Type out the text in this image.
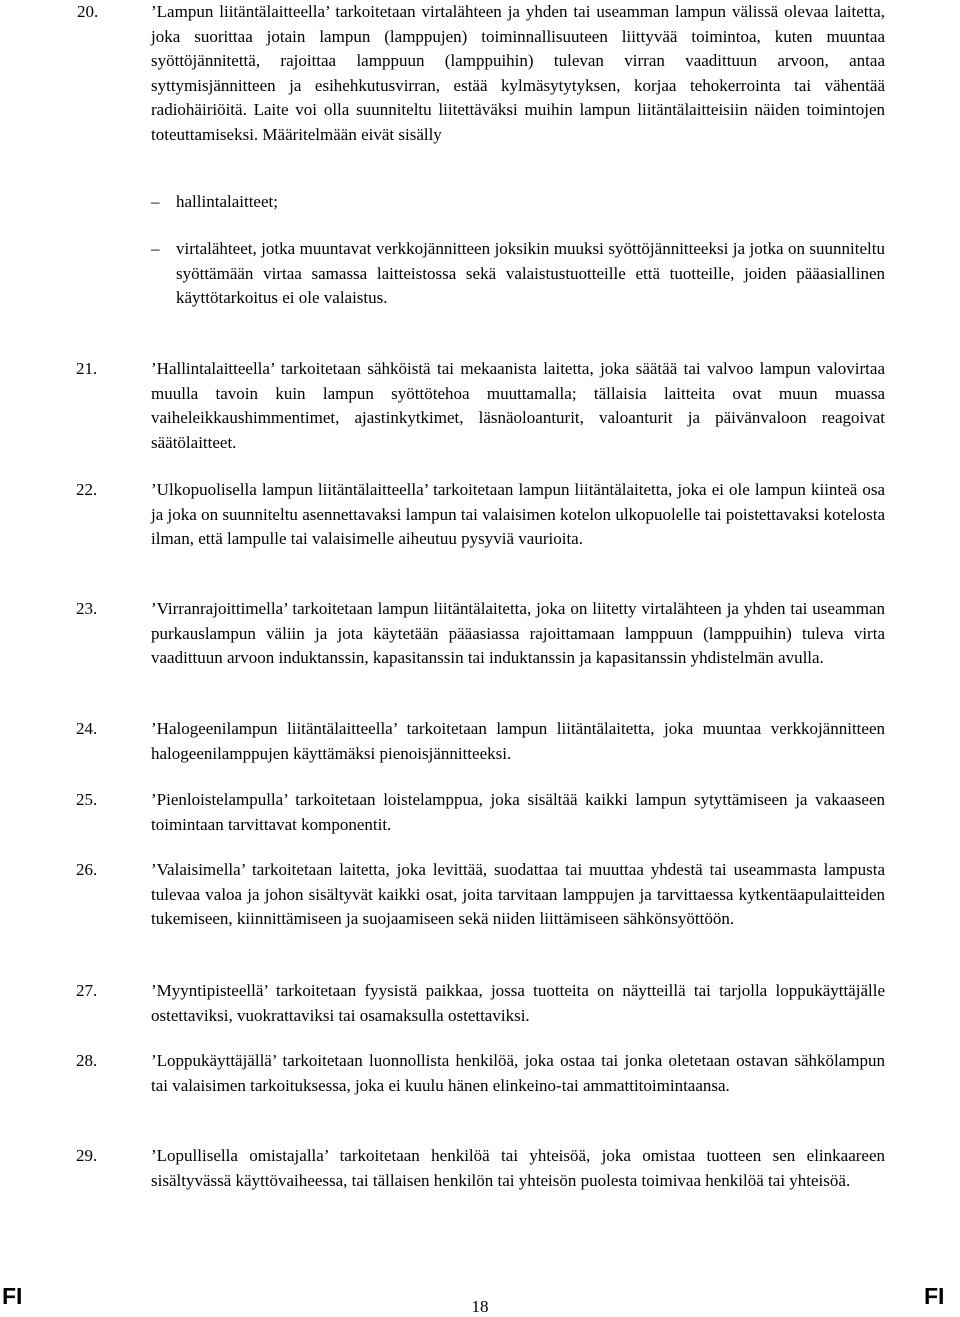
20.	’Lampun liitäntälaitteella’ tarkoitetaan virtalähteen ja yhden tai useamman lampun välissä olevaa laitetta, joka suorittaa jotain lampun (lamppujen) toiminnallisuuteen liittyvää toimintoa, kuten muuntaa syöttöjännitettä, rajoittaa lamppuun (lamppuihin) tulevan virran vaadittuun arvoon, antaa syttymisjännitteen ja esihehkutusvirran, estää kylmäsytytyksen, korjaa tehokerrointa tai vähentää radiohäiriöitä. Laite voi olla suunniteltu liitettäväksi muihin lampun liitäntälaitteisiin näiden toimintojen toteuttamiseksi. Määritelmään eivät sisälly
– hallintalaitteet;
– virtalähteet, jotka muuntavat verkkojännitteen joksikin muuksi syöttöjännitteeksi ja jotka on suunniteltu syöttämään virtaa samassa laitteistossa sekä valaistustuotteille että tuotteille, joiden pääasiallinen käyttötarkoitus ei ole valaistus.
21.	’Hallintalaitteella’ tarkoitetaan sähköistä tai mekaanista laitetta, joka säätää tai valvoo lampun valovirtaa muulla tavoin kuin lampun syöttötehoa muuttamalla; tällaisia laitteita ovat muun muassa vaiheleikkaushimmentimet, ajastinkytkimet, läsnäoloanturit, valoanturit ja päivänvaloon reagoivat säätölaitteet.
22.	’Ulkopuolisella lampun liitäntälaitteella’ tarkoitetaan lampun liitäntälaitetta, joka ei ole lampun kiinteä osa ja joka on suunniteltu asennettavaksi lampun tai valaisimen kotelon ulkopuolelle tai poistettavaksi kotelosta ilman, että lampulle tai valaisimelle aiheutuu pysyviä vaurioita.
23.	’Virranrajoittimella’ tarkoitetaan lampun liitäntälaitetta, joka on liitetty virtalähteen ja yhden tai useamman purkauslampun väliin ja jota käytetään pääasiassa rajoittamaan lamppuun (lamppuihin) tuleva virta vaadittuun arvoon induktanssin, kapasitanssin tai induktanssin ja kapasitanssin yhdistelmän avulla.
24.	’Halogeenilampun liitäntälaitteella’ tarkoitetaan lampun liitäntälaitetta, joka muuntaa verkkojännitteen halogeenilamppujen käyttämäksi pienoisjännitteeksi.
25.	’Pienloistelampulla’ tarkoitetaan loistelamppua, joka sisältää kaikki lampun sytyttämiseen ja vakaaseen toimintaan tarvittavat komponentit.
26.	’Valaisimella’ tarkoitetaan laitetta, joka levittää, suodattaa tai muuttaa yhdestä tai useammasta lampusta tulevaa valoa ja johon sisältyvät kaikki osat, joita tarvitaan lamppujen ja tarvittaessa kytkentäapulaitteiden tukemiseen, kiinnittämiseen ja suojaamiseen sekä niiden liittämiseen sähkönsyöttöön.
27.	’Myyntipisteellä’ tarkoitetaan fyysistä paikkaa, jossa tuotteita on näytteillä tai tarjolla loppukäyttäjälle ostettaviksi, vuokrattaviksi tai osamaksulla ostettaviksi.
28.	’Loppukäyttäjällä’ tarkoitetaan luonnollista henkilöä, joka ostaa tai jonka oletetaan ostavan sähkölampun tai valaisimen tarkoituksessa, joka ei kuulu hänen elinkeino-tai ammattitoimintaansa.
29.	’Lopullisella omistajalla’ tarkoitetaan henkilöä tai yhteisöä, joka omistaa tuotteen sen elinkaareen sisältyvässä käyttövaiheessa, tai tällaisen henkilön tai yhteisön puolesta toimivaa henkilöä tai yhteisöä.
FI	18	FI
